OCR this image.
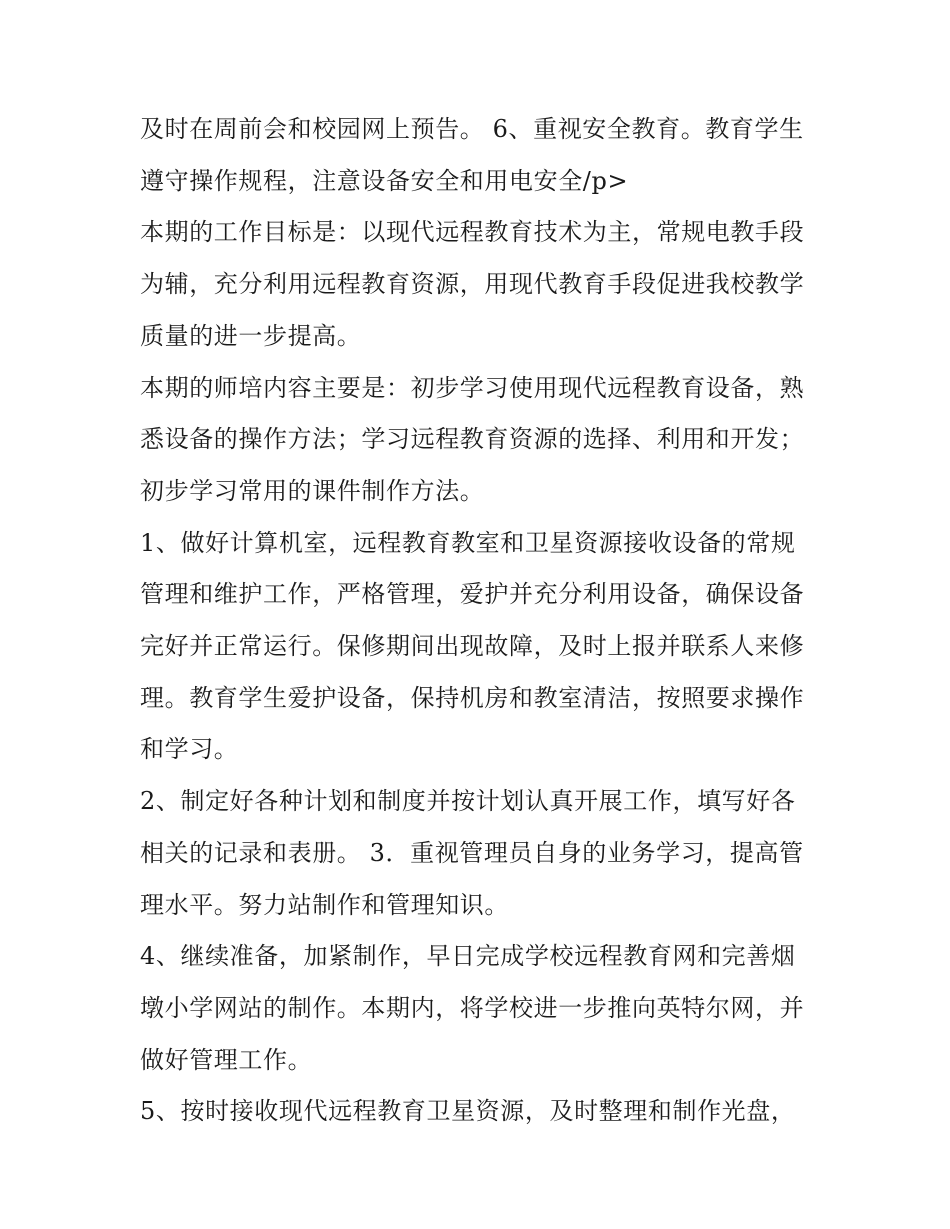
及时在周前会和校园网上预告。 6、重视安全教育。教育学生遵守操作规程，注意设备安全和用电安全/p>

本期的工作目标是：以现代远程教育技术为主，常规电教手段为辅，充分利用远程教育资源，用现代教育手段促进我校教学质量的进一步提高。

本期的师培内容主要是：初步学习使用现代远程教育设备，熟悉设备的操作方法；学习远程教育资源的选择、利用和开发；初步学习常用的课件制作方法。

1、做好计算机室，远程教育教室和卫星资源接收设备的常规管理和维护工作，严格管理，爱护并充分利用设备，确保设备完好并正常运行。保修期间出现故障，及时上报并联系人来修理。教育学生爱护设备，保持机房和教室清洁，按照要求操作和学习。

2、制定好各种计划和制度并按计划认真开展工作，填写好各相关的记录和表册。 3．重视管理员自身的业务学习，提高管理水平。努力站制作和管理知识。

4、继续准备，加紧制作，早日完成学校远程教育网和完善烟墩小学网站的制作。本期内，将学校进一步推向英特尔网，并做好管理工作。

5、按时接收现代远程教育卫星资源，及时整理和制作光盘，
